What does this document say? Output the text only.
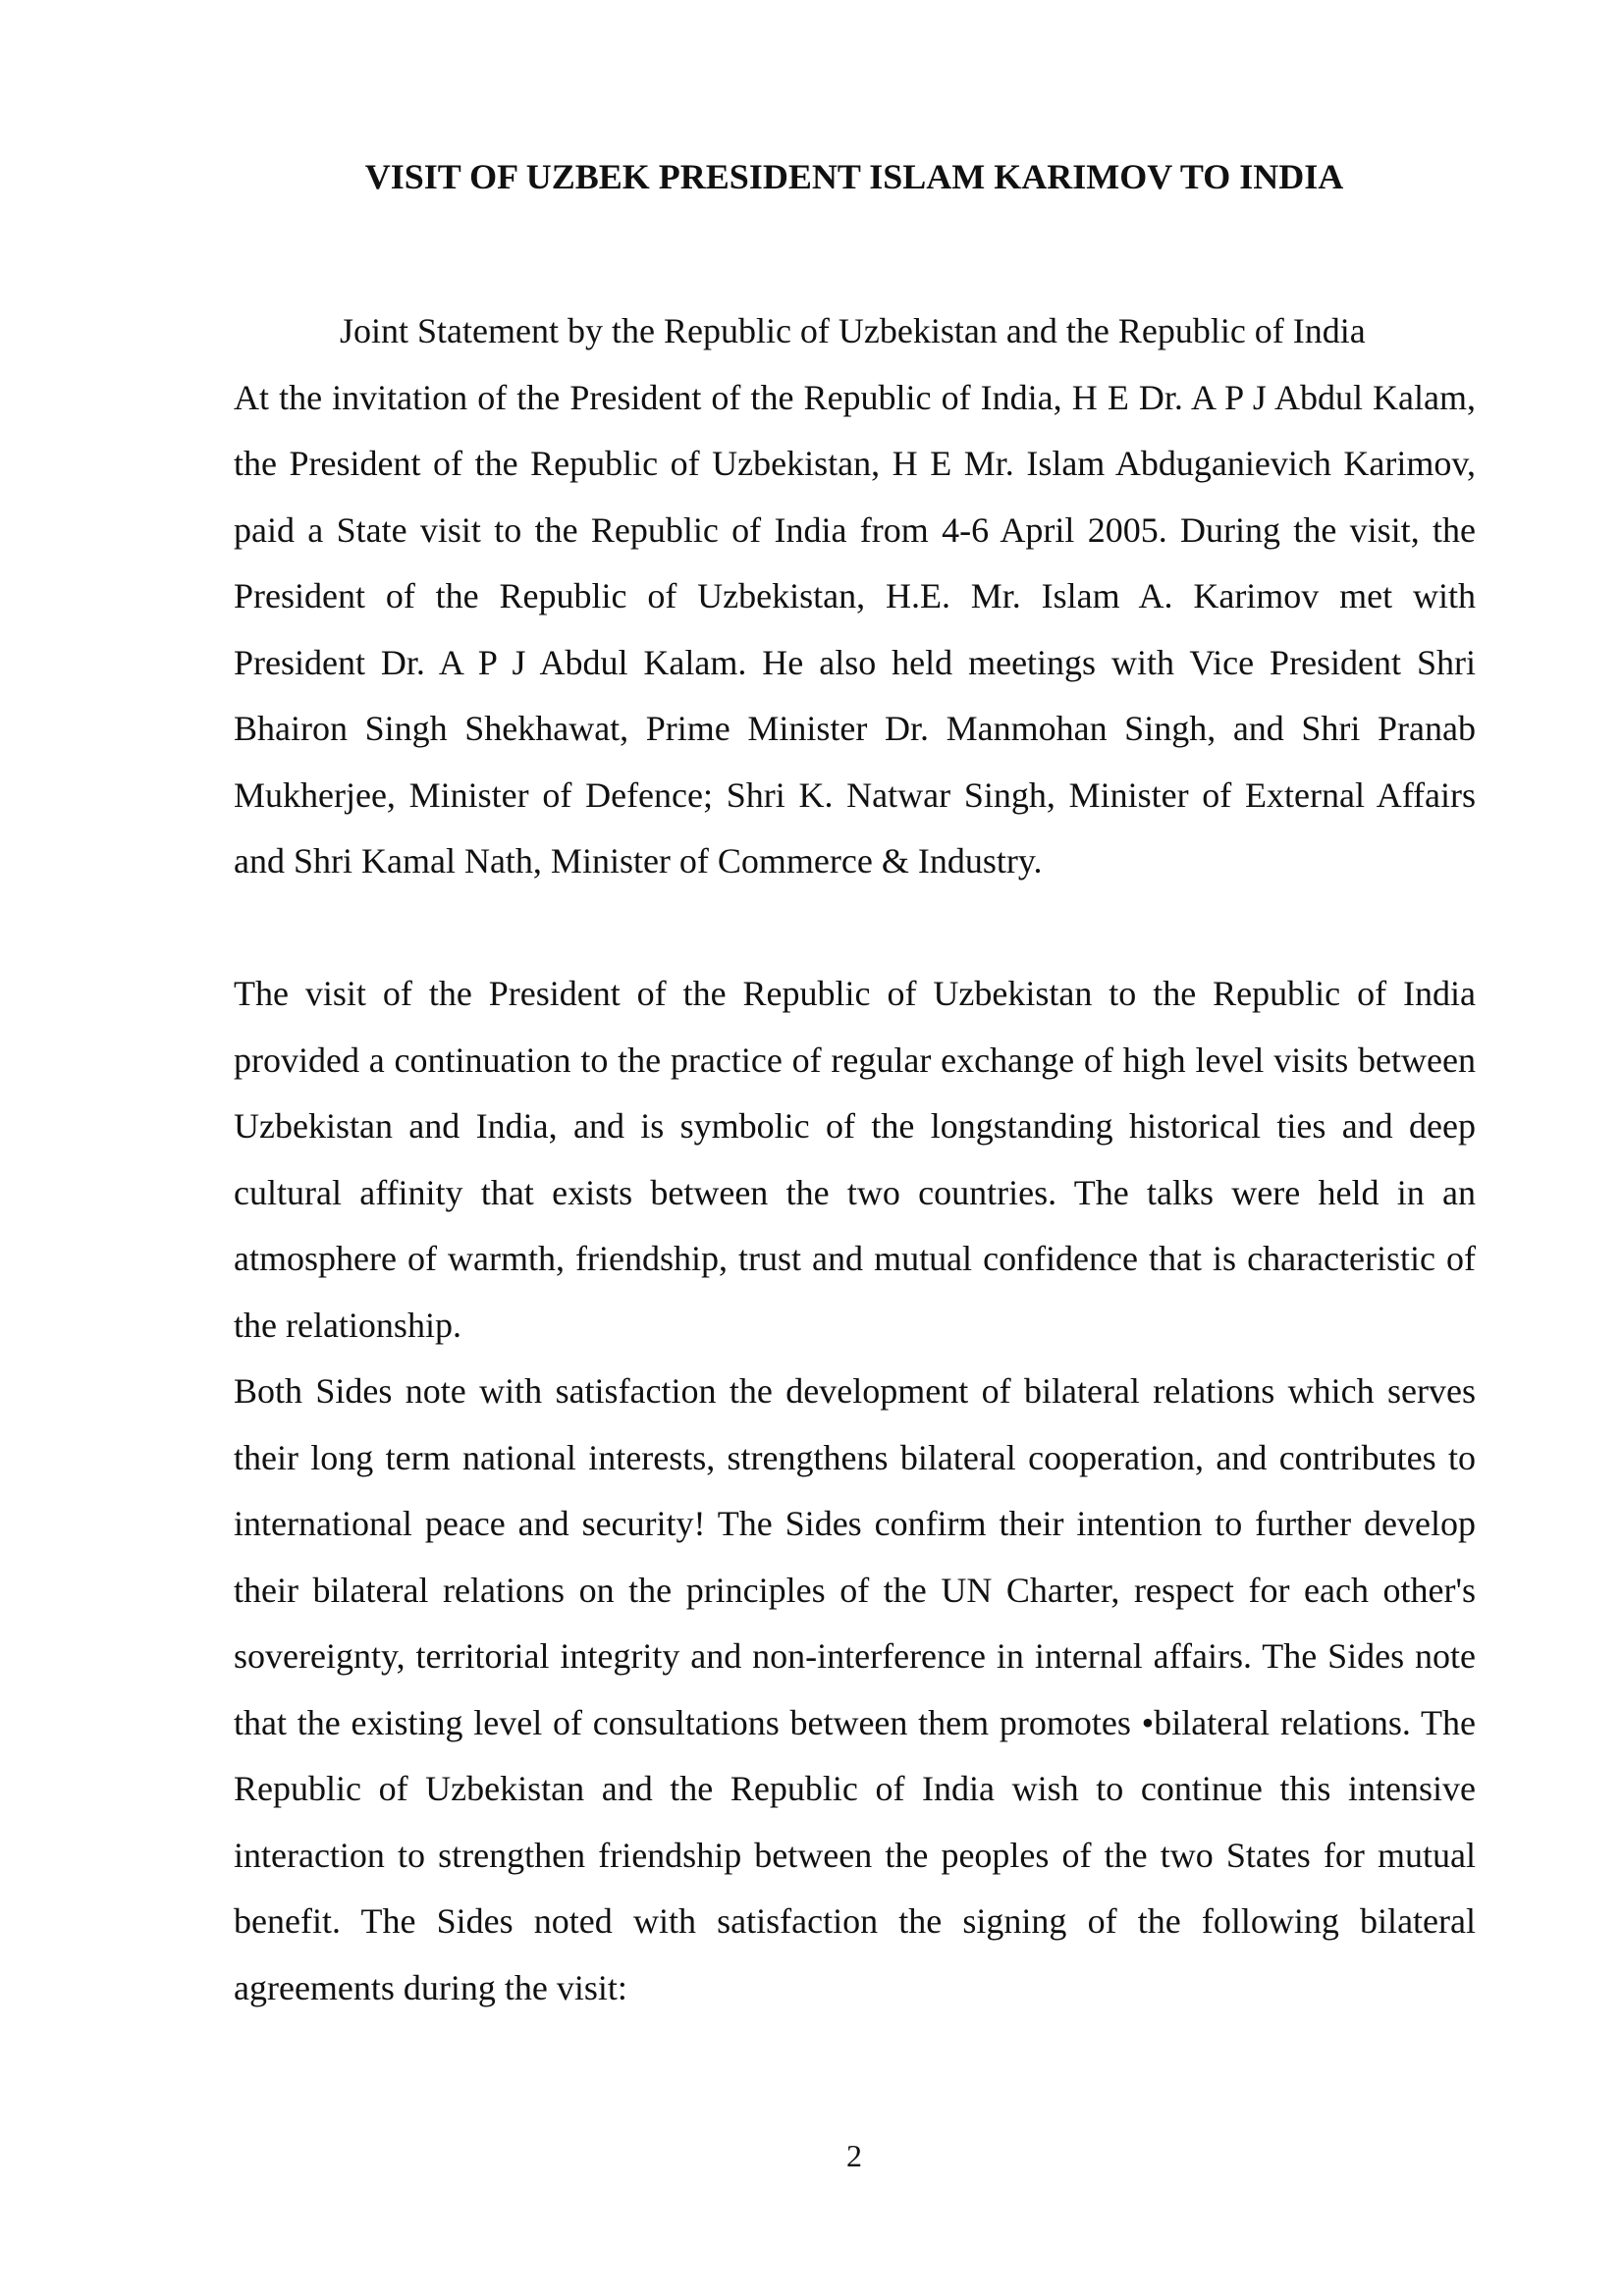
VISIT OF UZBEK PRESIDENT ISLAM KARIMOV TO INDIA

Joint Statement by the Republic of Uzbekistan and the Republic of India

At the invitation of the President of the Republic of India, H E Dr. A P J Abdul Kalam, the President of the Republic of Uzbekistan, H E Mr. Islam Abduganievich Karimov, paid a State visit to the Republic of India from 4-6 April 2005. During the visit, the President of the Republic of Uzbekistan, H.E. Mr. Islam A. Karimov met with President Dr. A P J Abdul Kalam. He also held meetings with Vice President Shri Bhairon Singh Shekhawat, Prime Minister Dr. Manmohan Singh, and Shri Pranab Mukherjee, Minister of Defence; Shri K. Natwar Singh, Minister of External Affairs and Shri Kamal Nath, Minister of Commerce & Industry.

The visit of the President of the Republic of Uzbekistan to the Republic of India provided a continuation to the practice of regular exchange of high level visits between Uzbekistan and India, and is symbolic of the longstanding historical ties and deep cultural affinity that exists between the two countries. The talks were held in an atmosphere of warmth, friendship, trust and mutual confidence that is characteristic of the relationship.

Both Sides note with satisfaction the development of bilateral relations which serves their long term national interests, strengthens bilateral cooperation, and contributes to international peace and security! The Sides confirm their intention to further develop their bilateral relations on the principles of the UN Charter, respect for each other's sovereignty, territorial integrity and non-interference in internal affairs. The Sides note that the existing level of consultations between them promotes •bilateral relations. The Republic of Uzbekistan and the Republic of India wish to continue this intensive interaction to strengthen friendship between the peoples of the two States for mutual benefit. The Sides noted with satisfaction the signing of the following bilateral agreements during the visit:

2
